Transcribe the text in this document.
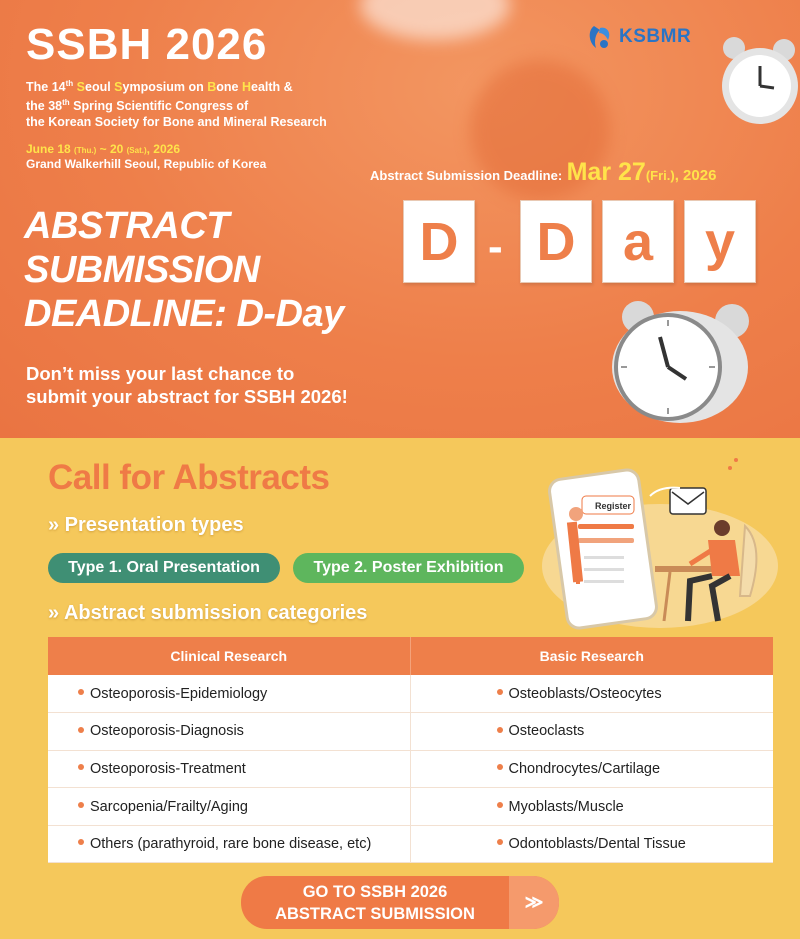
SSBH 2026
The 14th Seoul Symposium on Bone Health &
the 38th Spring Scientific Congress of
the Korean Society for Bone and Mineral Research
June 18 (Thu.) ~ 20 (Sat.), 2026
Grand Walkerhill Seoul, Republic of Korea
ABSTRACT
SUBMISSION
DEADLINE: D-Day
Don’t miss your last chance to
submit your abstract for SSBH 2026!
KSBMR
Abstract Submission Deadline: Mar 27(Fri.), 2026
D - D a y
Call for Abstracts
» Presentation types
Type 1. Oral Presentation	Type 2. Poster Exhibition
» Abstract submission categories
Register
Clinical Research	Basic Research
Osteoporosis-Epidemiology	Osteoblasts/Osteocytes
Osteoporosis-Diagnosis	Osteoclasts
Osteoporosis-Treatment	Chondrocytes/Cartilage
Sarcopenia/Frailty/Aging	Myoblasts/Muscle
Others (parathyroid, rare bone disease, etc)	Odontoblasts/Dental Tissue
GO TO SSBH 2026
ABSTRACT SUBMISSION
≫
